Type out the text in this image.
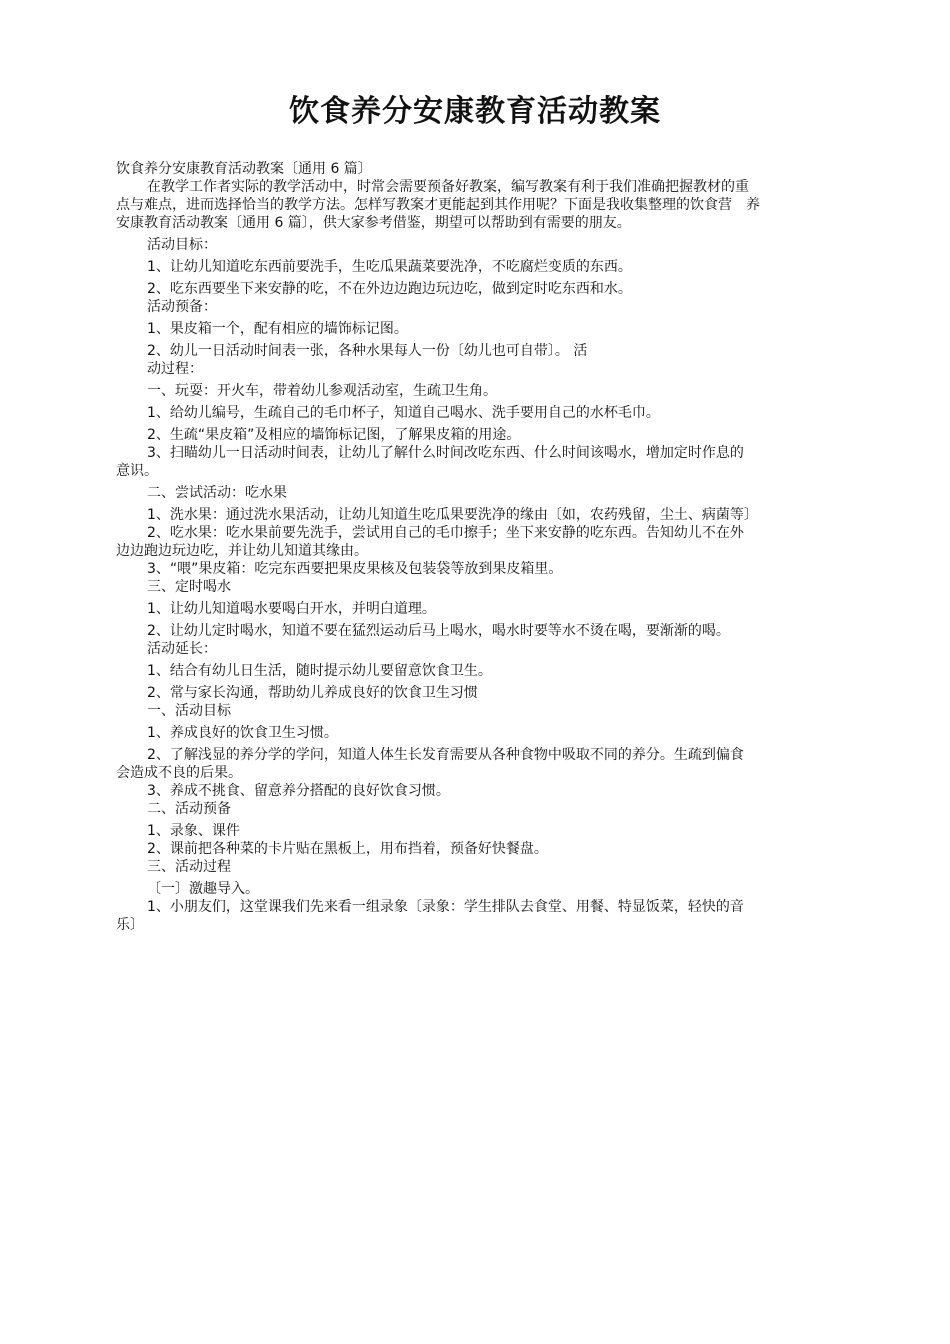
饮食养分安康教育活动教案
饮食养分安康教育活动教案〔通用 6 篇〕
在教学工作者实际的教学活动中，时常会需要预备好教案，编写教案有利于我们准确把握教材的重
点与难点，进而选择恰当的教学方法。怎样写教案才更能起到其作用呢？下面是我收集整理的饮食营　养
安康教育活动教案〔通用 6 篇〕，供大家参考借鉴，期望可以帮助到有需要的朋友。
活动目标：
1、让幼儿知道吃东西前要洗手，生吃瓜果蔬菜要洗净，不吃腐烂变质的东西。
2、吃东西要坐下来安静的吃，不在外边边跑边玩边吃，做到定时吃东西和水。
活动预备：
1、果皮箱一个，配有相应的墙饰标记图。
2、幼儿一日活动时间表一张，各种水果每人一份〔幼儿也可自带〕。 活
动过程：
一、玩耍：开火车，带着幼儿参观活动室，生疏卫生角。
1、给幼儿编号，生疏自己的毛巾杯子，知道自己喝水、洗手要用自己的水杯毛巾。
2、生疏“果皮箱”及相应的墙饰标记图，了解果皮箱的用途。
3、扫瞄幼儿一日活动时间表，让幼儿了解什么时间改吃东西、什么时间该喝水，增加定时作息的
意识。
二、尝试活动：吃水果
1、洗水果：通过洗水果活动，让幼儿知道生吃瓜果要洗净的缘由〔如，农药残留，尘土、病菌等〕
2、吃水果：吃水果前要先洗手，尝试用自己的毛巾擦手；坐下来安静的吃东西。告知幼儿不在外
边边跑边玩边吃，并让幼儿知道其缘由。
3、“喂”果皮箱：吃完东西要把果皮果核及包装袋等放到果皮箱里。
三、定时喝水
1、让幼儿知道喝水要喝白开水，并明白道理。
2、让幼儿定时喝水，知道不要在猛烈运动后马上喝水，喝水时要等水不烫在喝，要渐渐的喝。
活动延长：
1、结合有幼儿日生活，随时提示幼儿要留意饮食卫生。
2、常与家长沟通，帮助幼儿养成良好的饮食卫生习惯
一、活动目标
1、养成良好的饮食卫生习惯。
2、了解浅显的养分学的学问，知道人体生长发育需要从各种食物中吸取不同的养分。生疏到偏食
会造成不良的后果。
3、养成不挑食、留意养分搭配的良好饮食习惯。
二、活动预备
1、录象、课件
2、课前把各种菜的卡片贴在黑板上，用布挡着，预备好快餐盘。
三、活动过程
〔一〕激趣导入。
1、小朋友们，这堂课我们先来看一组录象〔录象：学生排队去食堂、用餐、特显饭菜，轻快的音
乐〕
